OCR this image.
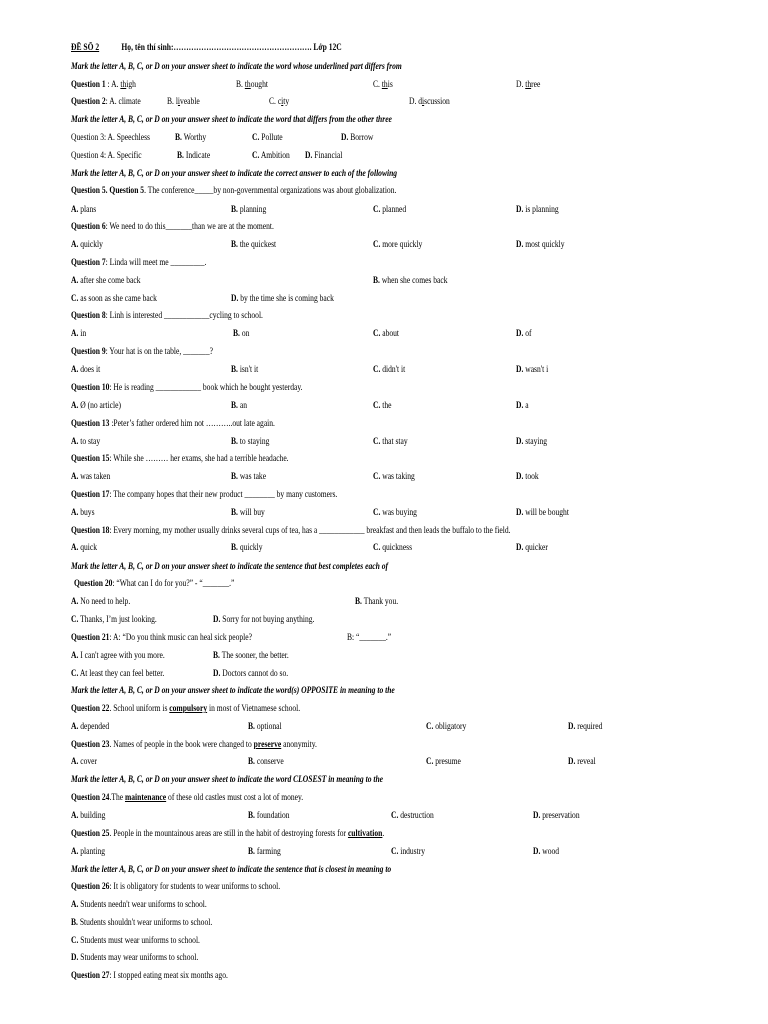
ĐỀ SỐ 2 Họ, tên thí sinh:………………………………………………. Lớp 12C
Mark the letter A, B, C, or D on your answer sheet to indicate the word whose underlined part differs from
Question 1 : A. thigh	B. thought	C. this	D. three
Question 2: A. climate	B. liveable	C. city	D. discussion
Mark the letter A, B, C, or D on your answer sheet to indicate the word that differs from the other three
Question 3: A. Speechless	B. Worthy	C. Pollute	D. Borrow
Question 4: A. Specific	B. Indicate	C. Ambition D. Financial
Mark the letter A, B, C, or D on your answer sheet to indicate the correct answer to each of the following
Question 5. Question 5. The conference_____by non-governmental organizations was about globalization.
A. plans	B. planning	C. planned	D. is planning
Question 6: We need to do this_______than we are at the moment.
A. quickly	B. the quickest	C. more quickly	D. most quickly
Question 7: Linda will meet me _________.
A. after she come back	B. when she comes back
C. as soon as she came back	D. by the time she is coming back
Question 8: Linh is interested ____________cycling to school.
A. in	B. on	C. about	D. of
Question 9: Your hat is on the table, _______?
A. does it	B. isn't it	C. didn't it	D. wasn't i
Question 10: He is reading ____________ book which he bought yesterday.
A. Ø (no article)	B. an	C. the	D. a
Question 13 :Peter’s father ordered him not ………..out late again.
A. to stay	B. to staying	C. that stay	D. staying
Question 15: While she ……… her exams, she had a terrible headache.
A. was taken	B. was take	C. was taking	D. took
Question 17: The company hopes that their new product ________ by many customers.
A. buys	B. will buy	C. was buying	D. will be bought
Question 18: Every morning, my mother usually drinks several cups of tea, has a ____________ breakfast and then leads the buffalo to the field.
A. quick	B. quickly	C. quickness	D. quicker
Mark the letter A, B, C, or D on your answer sheet to indicate the sentence that best completes each of
Question 20: “What can I do for you?” - “_______.”
A. No need to help.	B. Thank you.
C. Thanks, I’m just looking.	D. Sorry for not buying anything.
Question 21: A: “Do you think music can heal sick people?	B: “_______.”
A. I can't agree with you more.	B. The sooner, the better.
C. At least they can feel better.	D. Doctors cannot do so.
Mark the letter A, B, C, or D on your answer sheet to indicate the word(s) OPPOSITE in meaning to the
Question 22. School uniform is compulsory in most of Vietnamese school.
A. depended	B. optional	C. obligatory	D. required
Question 23. Names of people in the book were changed to preserve anonymity.
A. cover	B. conserve	C. presume	D. reveal
Mark the letter A, B, C, or D on your answer sheet to indicate the word CLOSEST in meaning to the
Question 24.The maintenance of these old castles must cost a lot of money.
A. building	B. foundation	C. destruction	D. preservation
Question 25. People in the mountainous areas are still in the habit of destroying forests for cultivation.
A. planting	B. farming	C. industry	D. wood
Mark the letter A, B, C, or D on your answer sheet to indicate the sentence that is closest in meaning to
Question 26: It is obligatory for students to wear uniforms to school.
A. Students needn't wear uniforms to school.
B. Students shouldn't wear uniforms to school.
C. Students must wear uniforms to school.
D. Students may wear uniforms to school.
Question 27: I stopped eating meat six months ago.
